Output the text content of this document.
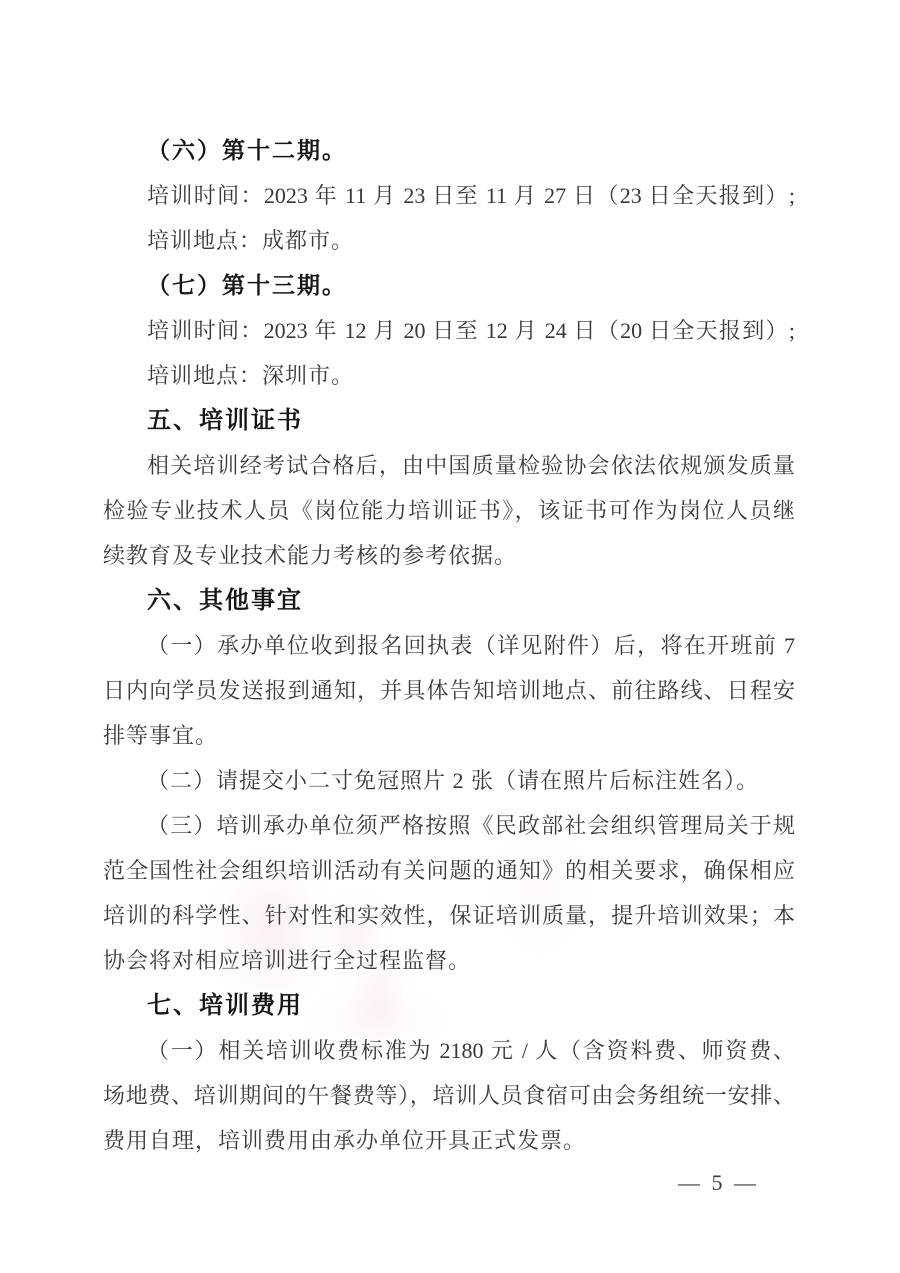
（六）第十二期。
培训时间：2023 年 11 月 23 日至 11 月 27 日（23 日全天报到）;
培训地点：成都市。
（七）第十三期。
培训时间：2023 年 12 月 20 日至 12 月 24 日（20 日全天报到）;
培训地点：深圳市。
五、培训证书
相关培训经考试合格后，由中国质量检验协会依法依规颁发质量
检验专业技术人员《岗位能力培训证书》，该证书可作为岗位人员继
续教育及专业技术能力考核的参考依据。
六、其他事宜
（一）承办单位收到报名回执表（详见附件）后，将在开班前 7
日内向学员发送报到通知，并具体告知培训地点、前往路线、日程安
排等事宜。
（二）请提交小二寸免冠照片 2 张（请在照片后标注姓名）。
（三）培训承办单位须严格按照《民政部社会组织管理局关于规
范全国性社会组织培训活动有关问题的通知》的相关要求，确保相应
培训的科学性、针对性和实效性，保证培训质量，提升培训效果；本
协会将对相应培训进行全过程监督。
七、培训费用
（一）相关培训收费标准为 2180 元 / 人（含资料费、师资费、
场地费、培训期间的午餐费等），培训人员食宿可由会务组统一安排、
费用自理，培训费用由承办单位开具正式发票。
— 5 —
